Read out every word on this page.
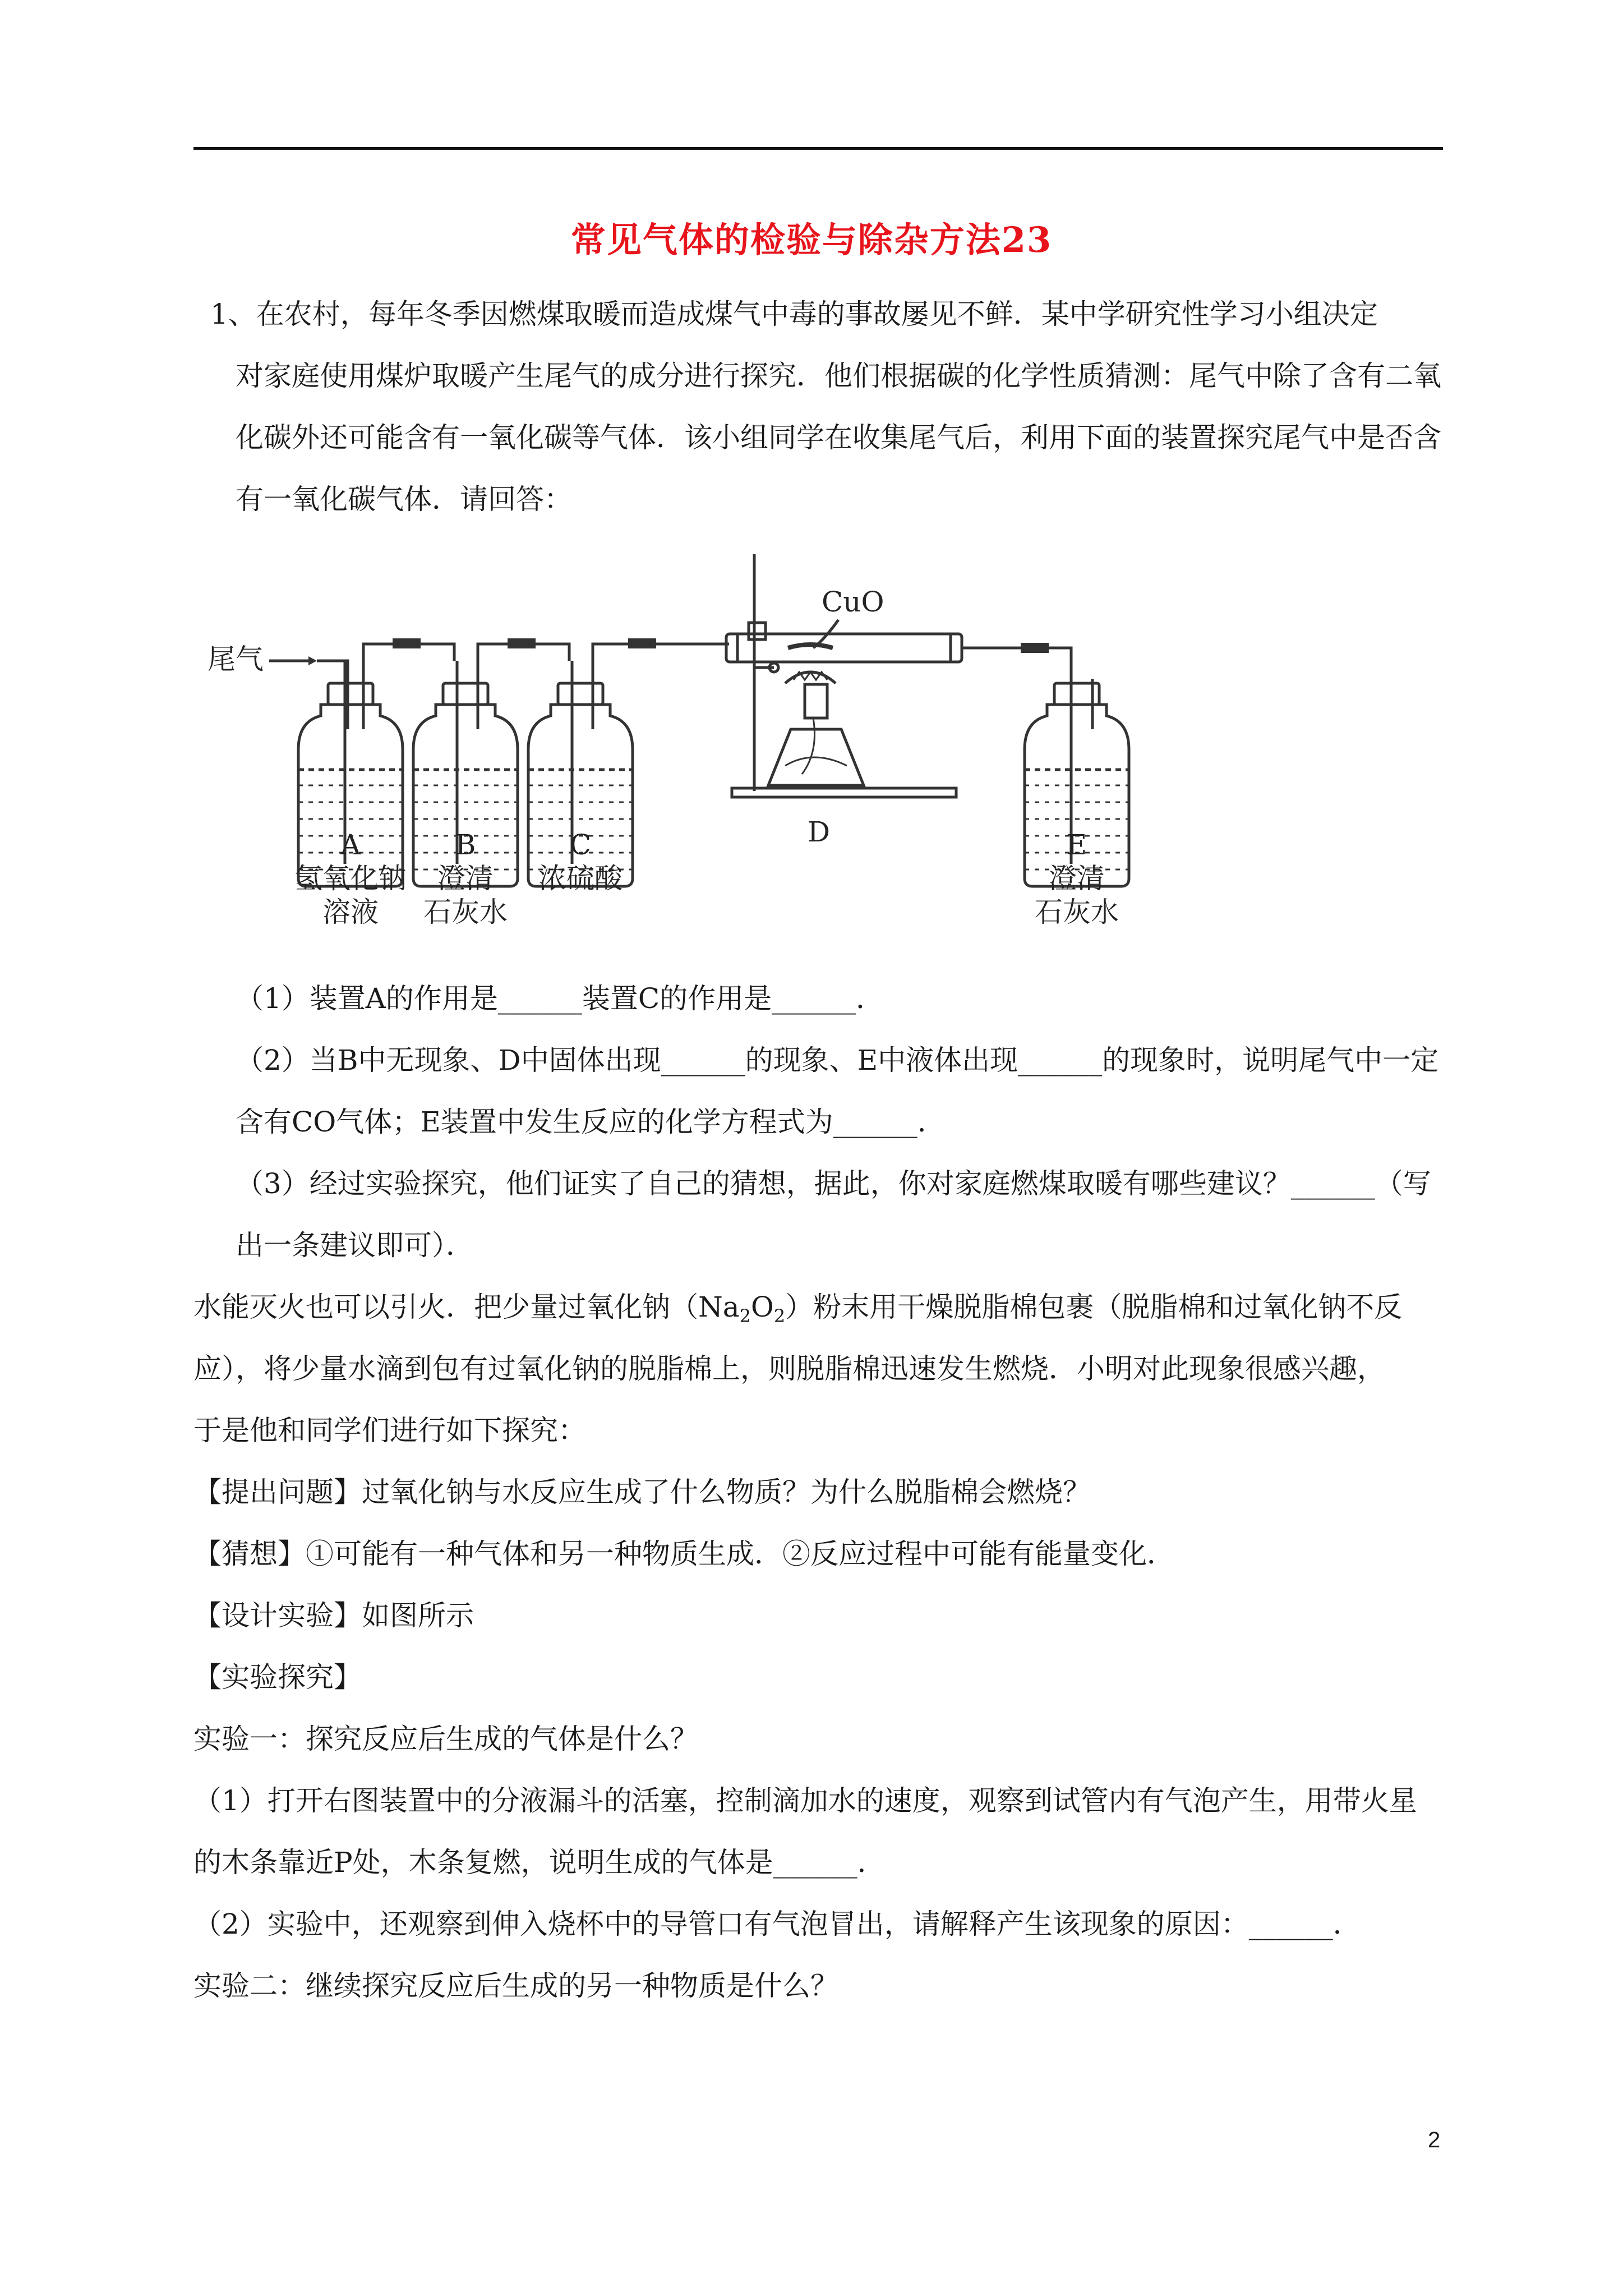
常见气体的检验与除杂方法23
1、在农村，每年冬季因燃煤取暖而造成煤气中毒的事故屡见不鲜．某中学研究性学习小组决定
对家庭使用煤炉取暖产生尾气的成分进行探究．他们根据碳的化学性质猜测：尾气中除了含有二氧
化碳外还可能含有一氧化碳等气体．该小组同学在收集尾气后，利用下面的装置探究尾气中是否含
有一氧化碳气体．请回答：
尾气
CuO
A
氢氧化钠
溶液
B
澄清
石灰水
C
浓硫酸
D	E
澄清
石灰水
（1）装置A的作用是______装置C的作用是______．
（2）当B中无现象、D中固体出现______的现象、E中液体出现______的现象时，说明尾气中一定
含有CO气体；E装置中发生反应的化学方程式为______．
（3）经过实验探究，他们证实了自己的猜想，据此，你对家庭燃煤取暖有哪些建议？______（写
出一条建议即可）．
水能灭火也可以引火．把少量过氧化钠$(Na_2O_2)$粉末用干燥脱脂棉包裹（脱脂棉和过氧化钠不反
应），将少量水滴到包有过氧化钠的脱脂棉上，则脱脂棉迅速发生燃烧．小明对此现象很感兴趣，
于是他和同学们进行如下探究：
【提出问题】过氧化钠与水反应生成了什么物质？为什么脱脂棉会燃烧？
【猜想】①可能有一种气体和另一种物质生成．②反应过程中可能有能量变化．
【设计实验】如图所示
【实验探究】
实验一：探究反应后生成的气体是什么？
（1）打开右图装置中的分液漏斗的活塞，控制滴加水的速度，观察到试管内有气泡产生，用带火星
的木条靠近P处，木条复燃，说明生成的气体是______．
（2）实验中，还观察到伸入烧杯中的导管口有气泡冒出，请解释产生该现象的原因：______．
实验二：继续探究反应后生成的另一种物质是什么？
2
